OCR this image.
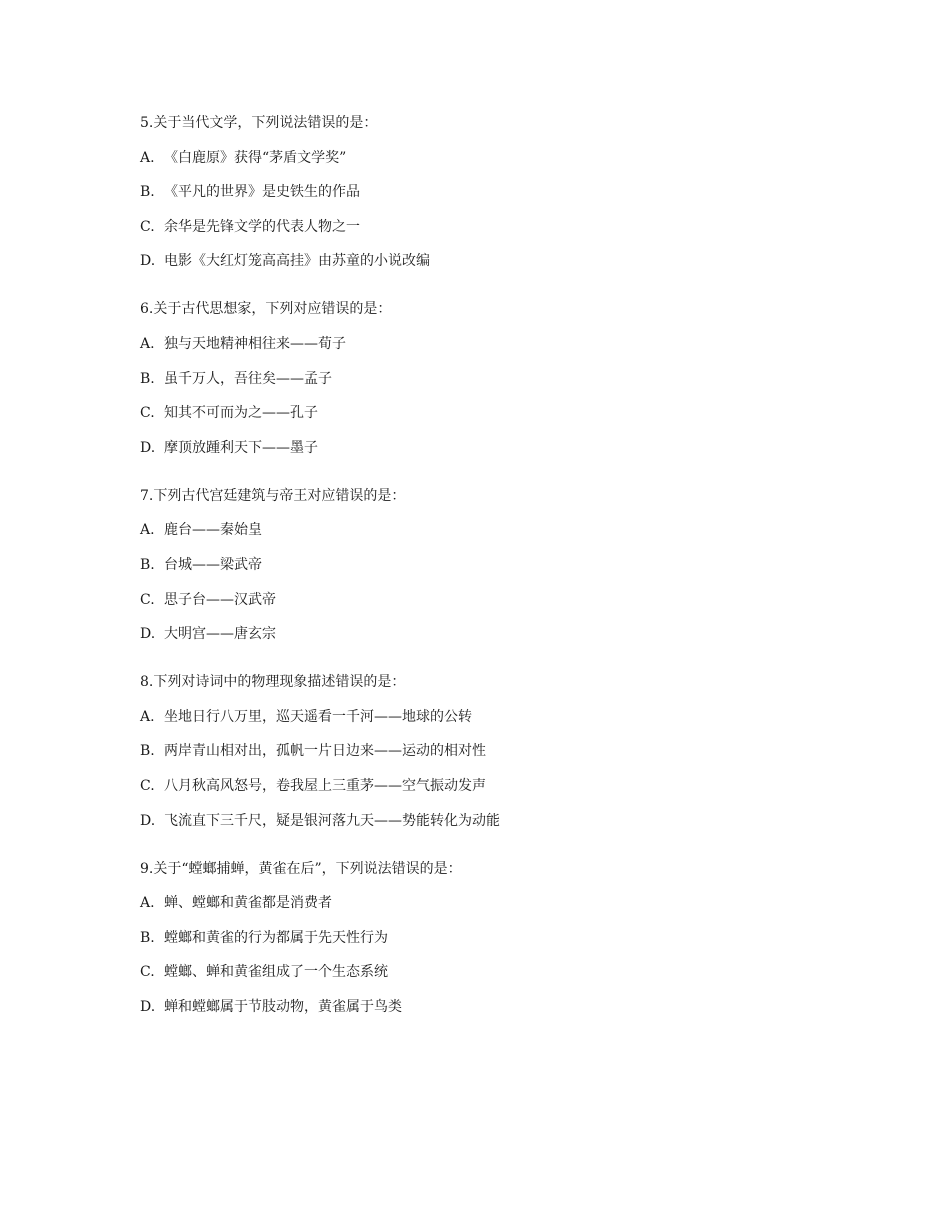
5.关于当代文学，下列说法错误的是：
A. 《白鹿原》获得“茅盾文学奖”
B. 《平凡的世界》是史铁生的作品
C. 余华是先锋文学的代表人物之一
D. 电影《大红灯笼高高挂》由苏童的小说改编
6.关于古代思想家，下列对应错误的是：
A. 独与天地精神相往来——荀子
B. 虽千万人，吾往矣——孟子
C. 知其不可而为之——孔子
D. 摩顶放踵利天下——墨子
7.下列古代宫廷建筑与帝王对应错误的是：
A. 鹿台——秦始皇
B. 台城——梁武帝
C. 思子台——汉武帝
D. 大明宫——唐玄宗
8.下列对诗词中的物理现象描述错误的是：
A. 坐地日行八万里，巡天遥看一千河——地球的公转
B. 两岸青山相对出，孤帆一片日边来——运动的相对性
C. 八月秋高风怒号，卷我屋上三重茅——空气振动发声
D. 飞流直下三千尺，疑是银河落九天——势能转化为动能
9.关于“螳螂捕蝉，黄雀在后”，下列说法错误的是：
A. 蝉、螳螂和黄雀都是消费者
B. 螳螂和黄雀的行为都属于先天性行为
C. 螳螂、蝉和黄雀组成了一个生态系统
D. 蝉和螳螂属于节肢动物，黄雀属于鸟类
